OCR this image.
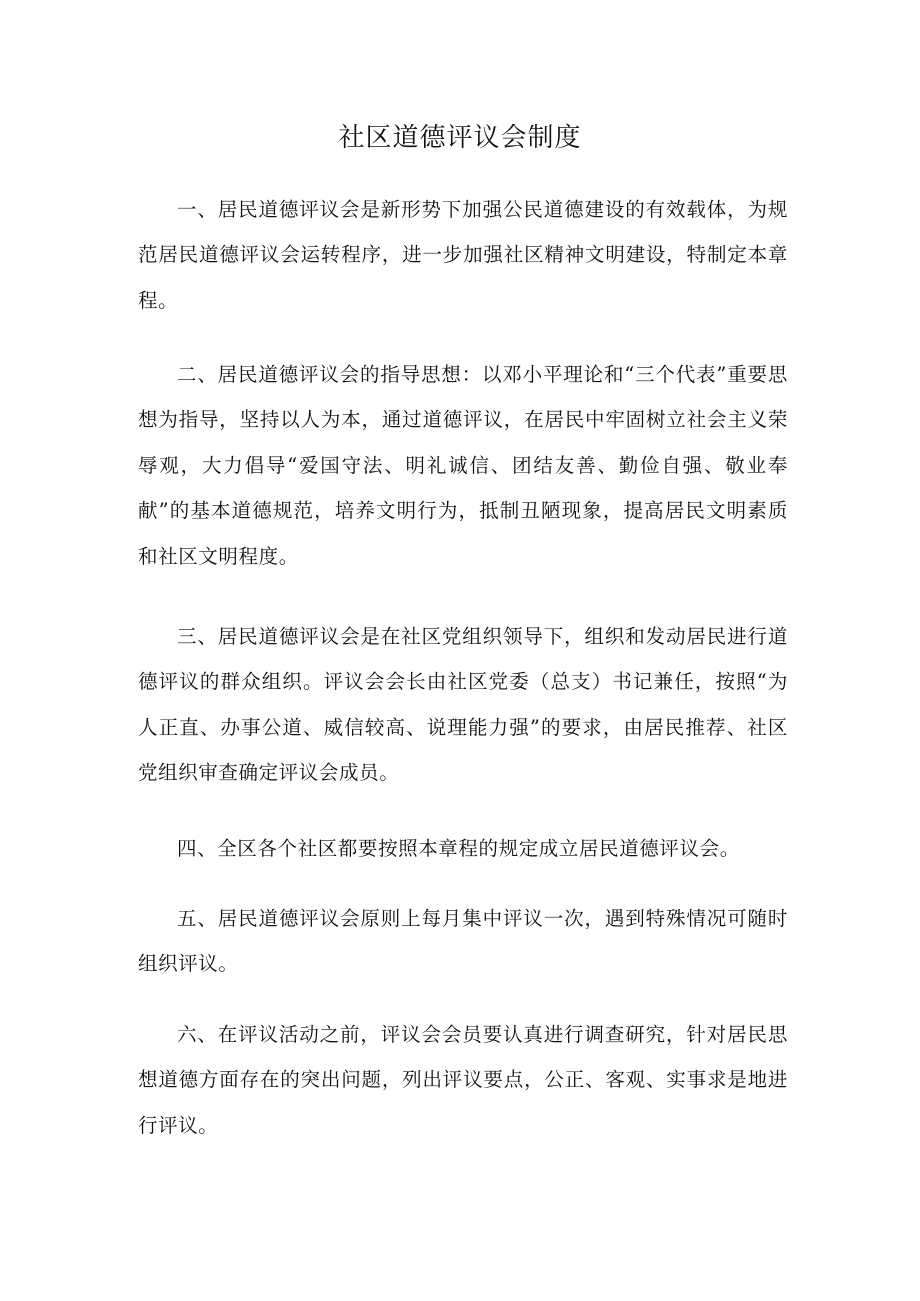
社区道德评议会制度

一、居民道德评议会是新形势下加强公民道德建设的有效载体，为规范居民道德评议会运转程序，进一步加强社区精神文明建设，特制定本章程。

二、居民道德评议会的指导思想：以邓小平理论和“三个代表”重要思想为指导，坚持以人为本，通过道德评议，在居民中牢固树立社会主义荣辱观，大力倡导“爱国守法、明礼诚信、团结友善、勤俭自强、敬业奉献”的基本道德规范，培养文明行为，抵制丑陋现象，提高居民文明素质和社区文明程度。

三、居民道德评议会是在社区党组织领导下，组织和发动居民进行道德评议的群众组织。评议会会长由社区党委（总支）书记兼任，按照“为人正直、办事公道、威信较高、说理能力强”的要求，由居民推荐、社区党组织审查确定评议会成员。

四、全区各个社区都要按照本章程的规定成立居民道德评议会。

五、居民道德评议会原则上每月集中评议一次，遇到特殊情况可随时组织评议。

六、在评议活动之前，评议会会员要认真进行调查研究，针对居民思想道德方面存在的突出问题，列出评议要点，公正、客观、实事求是地进行评议。
